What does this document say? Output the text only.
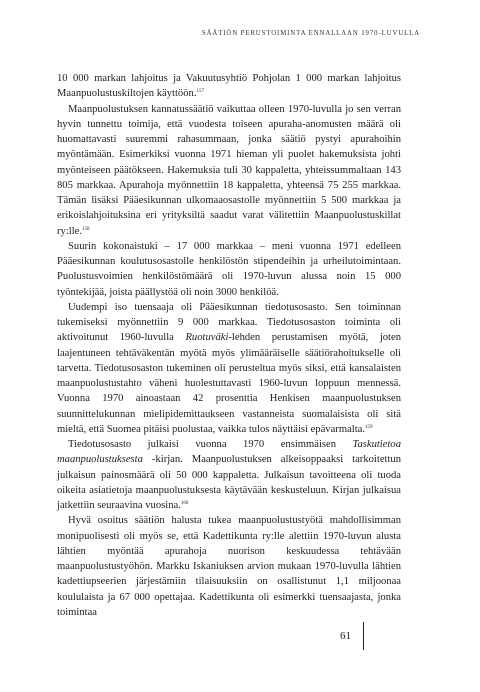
SÄÄTIÖN PERUSTOIMINTA ENNALLAAN 1970-LUVULLA

10 000 markan lahjoitus ja Vakuutusyhtiö Pohjolan 1 000 markan lahjoitus Maanpuolustuskiltojen käyttöön.$^{157}$

Maanpuolustuksen kannatussäätiö vaikuttaa olleen 1970-luvulla jo sen verran hyvin tunnettu toimija, että vuodesta toiseen apuraha-anomusten määrä oli huomattavasti suuremmi rahasummaan, jonka säätiö pystyi apurahoihin myöntämään. Esimerkiksi vuonna 1971 hieman yli puolet hakemuksista johti myönteiseen päätökseen. Hakemuksia tuli 30 kappaletta, yhteissummaltaan 143 805 markkaa. Apurahoja myönnettiin 18 kappaletta, yhteensä 75 255 markkaa. Tämän lisäksi Pääesikunnan ulkomaaosastolle myönnettiin 5 500 markkaa ja erikoislahjoituksina eri yrityksiltä saadut varat välitettiin Maanpuolustuskillat ry:lle.$^{158}$

Suurin kokonaistuki – 17 000 markkaa – meni vuonna 1971 edelleen Pääesikunnan koulutusosastolle henkilöstön stipendeihin ja urheilutoimintaan. Puolustusvoimien henkilöstömäärä oli 1970-luvun alussa noin 15 000 työntekijää, joista päällystöä oli noin 3000 henkilöä.

Uudempi iso tuensaaja oli Pääesikunnan tiedotusosasto. Sen toiminnan tukemiseksi myönnettiin 9 000 markkaa. Tiedotusosaston toiminta oli aktivoitunut 1960-luvulla Ruotuväki-lehden perustamisen myötä, joten laajentuneen tehtäväkentän myötä myös ylimääräiselle säätiörahoitukselle oli tarvetta. Tiedotusosaston tukeminen oli perusteltua myös siksi, että kansalaisten maanpuolustustahto väheni huolestuttavasti 1960-luvun loppuun mennessä. Vuonna 1970 ainoastaan 42 prosenttia Henkisen maanpuolustuksen suunnittelukunnan mielipidemittaukseen vastanneista suomalaisista oli sitä mieltä, että Suomea pitäisi puolustaa, vaikka tulos näyttäisi epävarmalta.$^{159}$

Tiedotusosasto julkaisi vuonna 1970 ensimmäisen Taskutietoa maanpuolustuksesta -kirjan. Maanpuolustuksen alkeisoppaaksi tarkoitettun julkaisun painosmäärä oli 50 000 kappaletta. Julkaisun tavoitteena oli tuoda oikeita asiatietoja maanpuolustuksesta käytävään keskusteluun. Kirjan julkaisua jatkettiin seuraavina vuosina.$^{160}$

Hyvä osoitus säätiön halusta tukea maanpuolustustyötä mahdollisimman monipuolisesti oli myös se, että Kadettikunta ry:lle alettiin 1970-luvun alusta lähtien myöntää apurahoja nuorison keskuudessa tehtävään maanpuolustustyöhön. Markku Iskaniuksen arvion mukaan 1970-luvulla lähtien kadettiupseerien järjestämiin tilaisuuksiin on osallistunut 1,1 miljoonaa koululaista ja 67 000 opettajaa. Kadettikunta oli esimerkki tuensaajasta, jonka toimintaa

61
